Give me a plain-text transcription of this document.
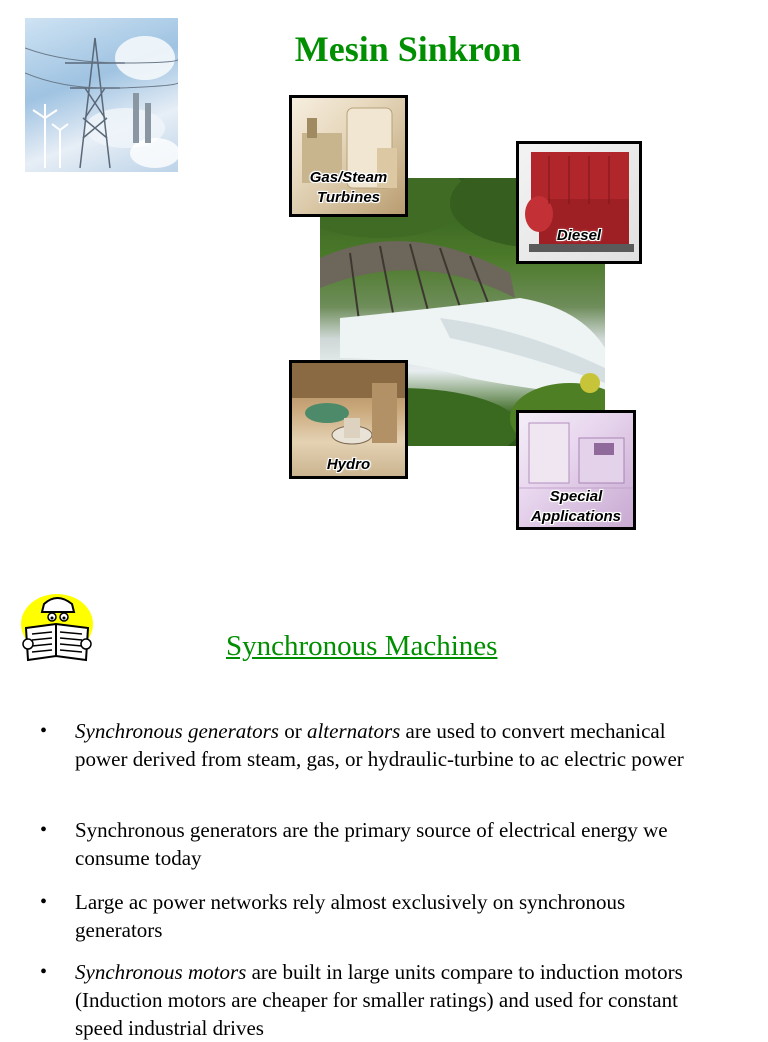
Mesin Sinkron
Gas/Steam
Turbines
Diesel
Hydro
Special
Applications
Synchronous Machines
• Synchronous generators or alternators are used to convert mechanical power derived from steam, gas, or hydraulic-turbine to ac electric power
• Synchronous generators are the primary source of electrical energy we consume today
• Large ac power networks rely almost exclusively on synchronous generators
• Synchronous motors are built in large units compare to induction motors (Induction motors are cheaper for smaller ratings) and used for constant speed industrial drives
